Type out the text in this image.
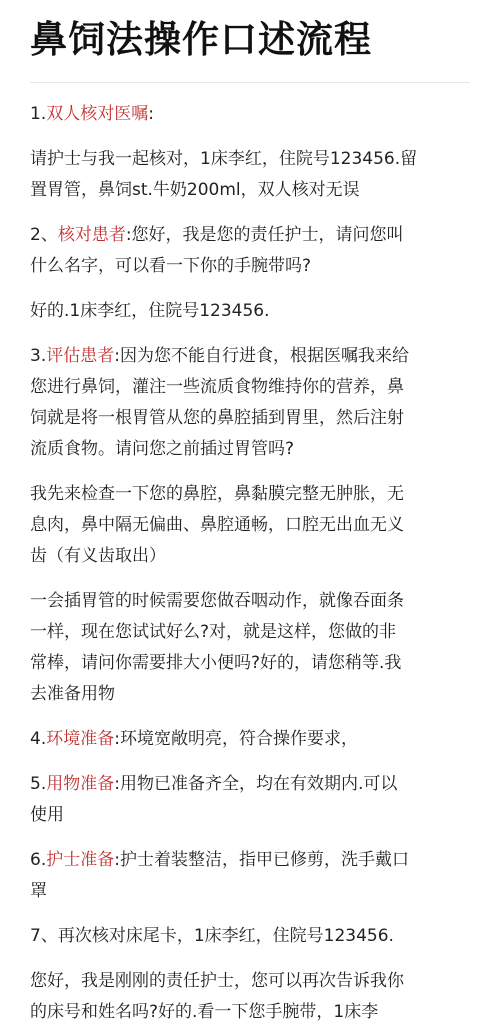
鼻饲法操作口述流程

1.双人核对医嘱:

请护士与我一起核对，1床李红，住院号123456.留
置胃管，鼻饲st.牛奶200ml，双人核对无误

2、核对患者:您好，我是您的责任护士，请问您叫
什么名字，可以看一下你的手腕带吗?

好的.1床李红，住院号123456.

3.评估患者:因为您不能自行进食，根据医嘱我来给
您进行鼻饲，灌注一些流质食物维持你的营养，鼻
饲就是将一根胃管从您的鼻腔插到胃里，然后注射
流质食物。请问您之前插过胃管吗?

我先来检查一下您的鼻腔，鼻黏膜完整无肿胀，无
息肉，鼻中隔无偏曲、鼻腔通畅，口腔无出血无义
齿（有义齿取出）

一会插胃管的时候需要您做吞咽动作，就像吞面条
一样，现在您试试好么?对，就是这样，您做的非
常棒，请问你需要排大小便吗?好的，请您稍等.我
去准备用物

4.环境准备:环境宽敞明亮，符合操作要求，

5.用物准备:用物已准备齐全，均在有效期内.可以
使用

6.护士准备:护士着装整洁，指甲已修剪，洗手戴口
罩

7、再次核对床尾卡，1床李红，住院号123456.

您好，我是刚刚的责任护士，您可以再次告诉我你
的床号和姓名吗?好的.看一下您手腕带，1床李
